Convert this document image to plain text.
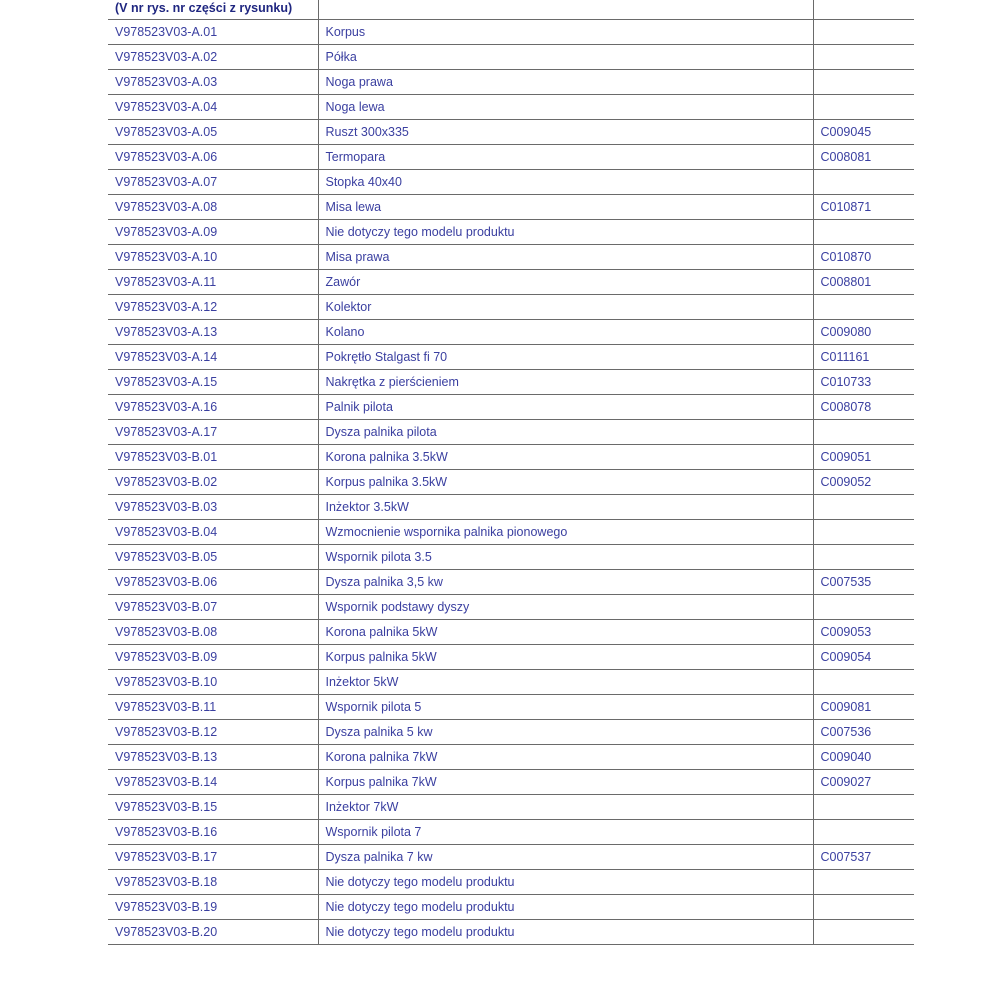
(V nr rys. nr części z rysunku)		
V978523V03-A.01	Korpus	
V978523V03-A.02	Półka	
V978523V03-A.03	Noga prawa	
V978523V03-A.04	Noga lewa	
V978523V03-A.05	Ruszt 300x335	C009045
V978523V03-A.06	Termopara	C008081
V978523V03-A.07	Stopka 40x40	
V978523V03-A.08	Misa lewa	C010871
V978523V03-A.09	Nie dotyczy tego modelu produktu	
V978523V03-A.10	Misa prawa	C010870
V978523V03-A.11	Zawór	C008801
V978523V03-A.12	Kolektor	
V978523V03-A.13	Kolano	C009080
V978523V03-A.14	Pokrętło Stalgast fi 70	C011161
V978523V03-A.15	Nakrętka z pierścieniem	C010733
V978523V03-A.16	Palnik pilota	C008078
V978523V03-A.17	Dysza palnika pilota	
V978523V03-B.01	Korona palnika 3.5kW	C009051
V978523V03-B.02	Korpus palnika 3.5kW	C009052
V978523V03-B.03	Inżektor 3.5kW	
V978523V03-B.04	Wzmocnienie wspornika palnika pionowego	
V978523V03-B.05	Wspornik pilota 3.5	
V978523V03-B.06	Dysza palnika 3,5 kw	C007535
V978523V03-B.07	Wspornik podstawy dyszy	
V978523V03-B.08	Korona palnika 5kW	C009053
V978523V03-B.09	Korpus palnika 5kW	C009054
V978523V03-B.10	Inżektor 5kW	
V978523V03-B.11	Wspornik pilota 5	C009081
V978523V03-B.12	Dysza palnika 5 kw	C007536
V978523V03-B.13	Korona palnika 7kW	C009040
V978523V03-B.14	Korpus palnika 7kW	C009027
V978523V03-B.15	Inżektor 7kW	
V978523V03-B.16	Wspornik pilota 7	
V978523V03-B.17	Dysza palnika 7 kw	C007537
V978523V03-B.18	Nie dotyczy tego modelu produktu	
V978523V03-B.19	Nie dotyczy tego modelu produktu	
V978523V03-B.20	Nie dotyczy tego modelu produktu	
